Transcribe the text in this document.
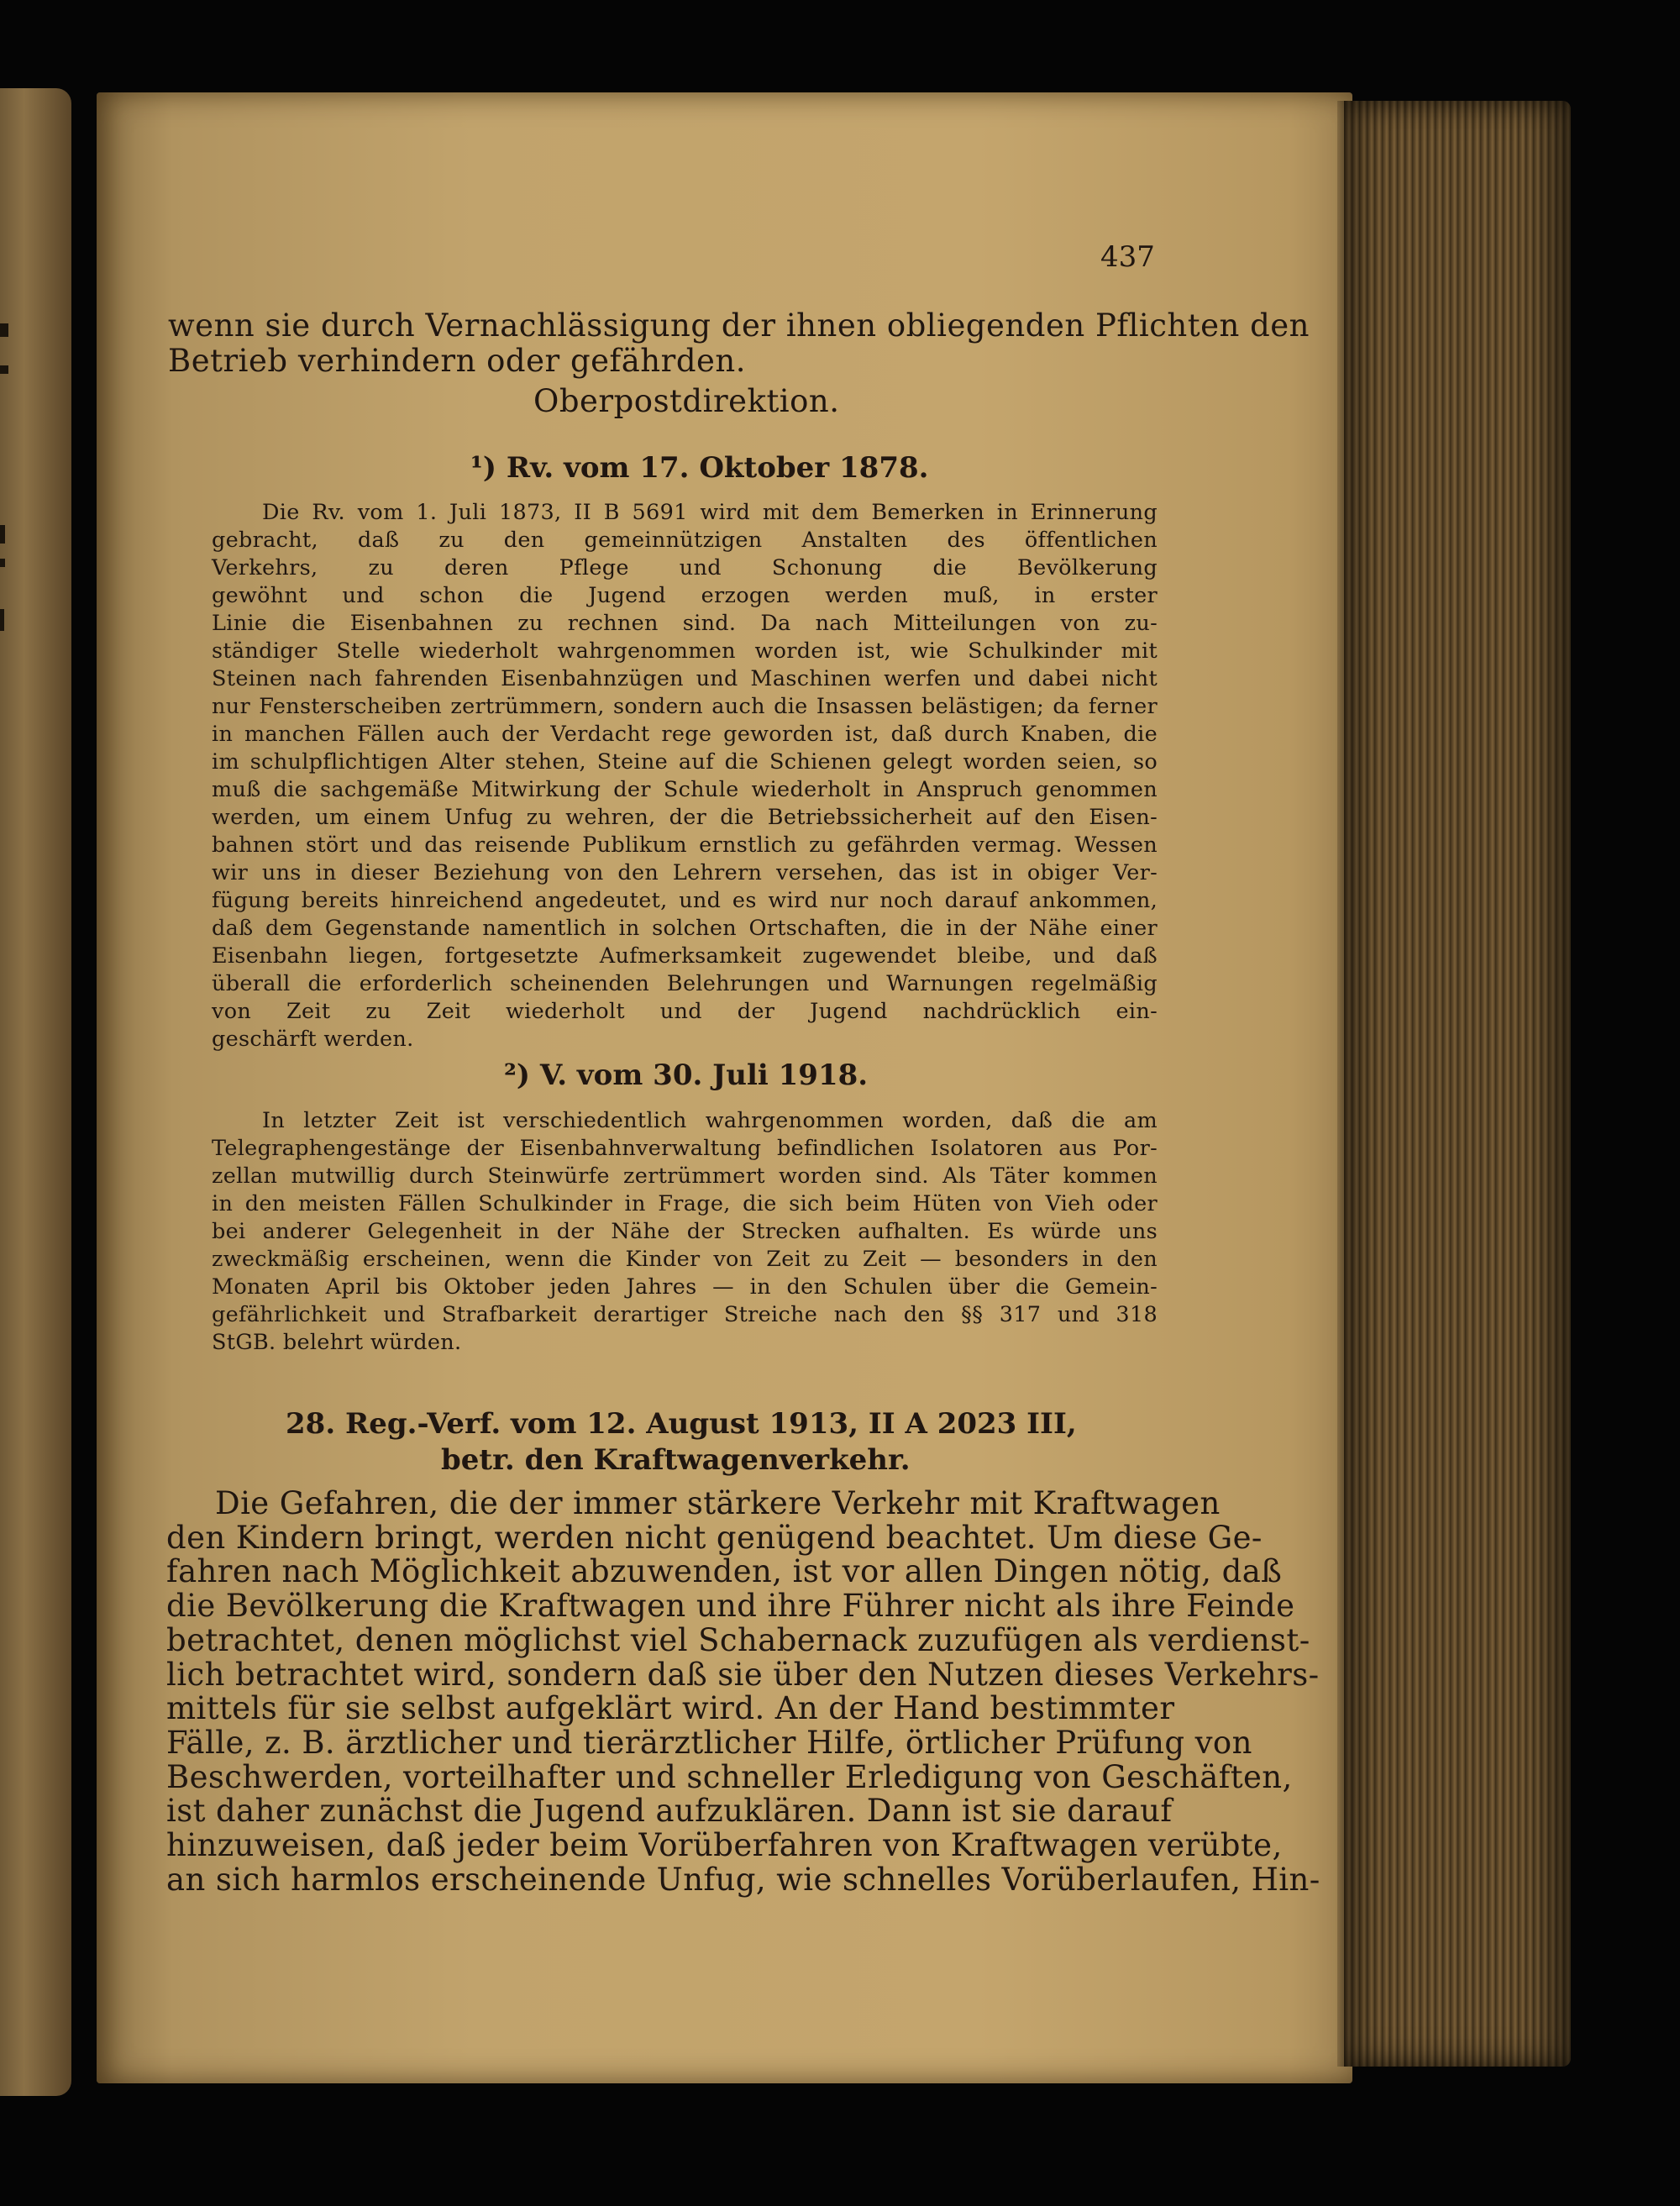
437
wenn sie durch Vernachlässigung der ihnen obliegenden Pflichten den
Betrieb verhindern oder gefährden.
Oberpostdirektion.
¹) Rv. vom 17. Oktober 1878.
Die Rv. vom 1. Juli 1873, II B 5691 wird mit dem Bemerken in Erinnerung
gebracht, daß zu den gemeinnützigen Anstalten des öffentlichen
Verkehrs, zu deren Pflege und Schonung die Bevölkerung
gewöhnt und schon die Jugend erzogen werden muß, in erster
Linie die Eisenbahnen zu rechnen sind. Da nach Mitteilungen von zu-
ständiger Stelle wiederholt wahrgenommen worden ist, wie Schulkinder mit
Steinen nach fahrenden Eisenbahnzügen und Maschinen werfen und dabei nicht
nur Fensterscheiben zertrümmern, sondern auch die Insassen belästigen; da ferner
in manchen Fällen auch der Verdacht rege geworden ist, daß durch Knaben, die
im schulpflichtigen Alter stehen, Steine auf die Schienen gelegt worden seien, so
muß die sachgemäße Mitwirkung der Schule wiederholt in Anspruch genommen
werden, um einem Unfug zu wehren, der die Betriebssicherheit auf den Eisen-
bahnen stört und das reisende Publikum ernstlich zu gefährden vermag. Wessen
wir uns in dieser Beziehung von den Lehrern versehen, das ist in obiger Ver-
fügung bereits hinreichend angedeutet, und es wird nur noch darauf ankommen,
daß dem Gegenstande namentlich in solchen Ortschaften, die in der Nähe einer
Eisenbahn liegen, fortgesetzte Aufmerksamkeit zugewendet bleibe, und daß
überall die erforderlich scheinenden Belehrungen und Warnungen regelmäßig
von Zeit zu Zeit wiederholt und der Jugend nachdrücklich ein-
geschärft werden.
²) V. vom 30. Juli 1918.
In letzter Zeit ist verschiedentlich wahrgenommen worden, daß die am
Telegraphengestänge der Eisenbahnverwaltung befindlichen Isolatoren aus Por-
zellan mutwillig durch Steinwürfe zertrümmert worden sind. Als Täter kommen
in den meisten Fällen Schulkinder in Frage, die sich beim Hüten von Vieh oder
bei anderer Gelegenheit in der Nähe der Strecken aufhalten. Es würde uns
zweckmäßig erscheinen, wenn die Kinder von Zeit zu Zeit — besonders in den
Monaten April bis Oktober jeden Jahres — in den Schulen über die Gemein-
gefährlichkeit und Strafbarkeit derartiger Streiche nach den §§ 317 und 318
StGB. belehrt würden.
28. Reg.-Verf. vom 12. August 1913, II A 2023 III,
betr. den Kraftwagenverkehr.
Die Gefahren, die der immer stärkere Verkehr mit Kraftwagen
den Kindern bringt, werden nicht genügend beachtet. Um diese Ge-
fahren nach Möglichkeit abzuwenden, ist vor allen Dingen nötig, daß
die Bevölkerung die Kraftwagen und ihre Führer nicht als ihre Feinde
betrachtet, denen möglichst viel Schabernack zuzufügen als verdienst-
lich betrachtet wird, sondern daß sie über den Nutzen dieses Verkehrs-
mittels für sie selbst aufgeklärt wird. An der Hand bestimmter
Fälle, z. B. ärztlicher und tierärztlicher Hilfe, örtlicher Prüfung von
Beschwerden, vorteilhafter und schneller Erledigung von Geschäften,
ist daher zunächst die Jugend aufzuklären. Dann ist sie darauf
hinzuweisen, daß jeder beim Vorüberfahren von Kraftwagen verübte,
an sich harmlos erscheinende Unfug, wie schnelles Vorüberlaufen, Hin-
